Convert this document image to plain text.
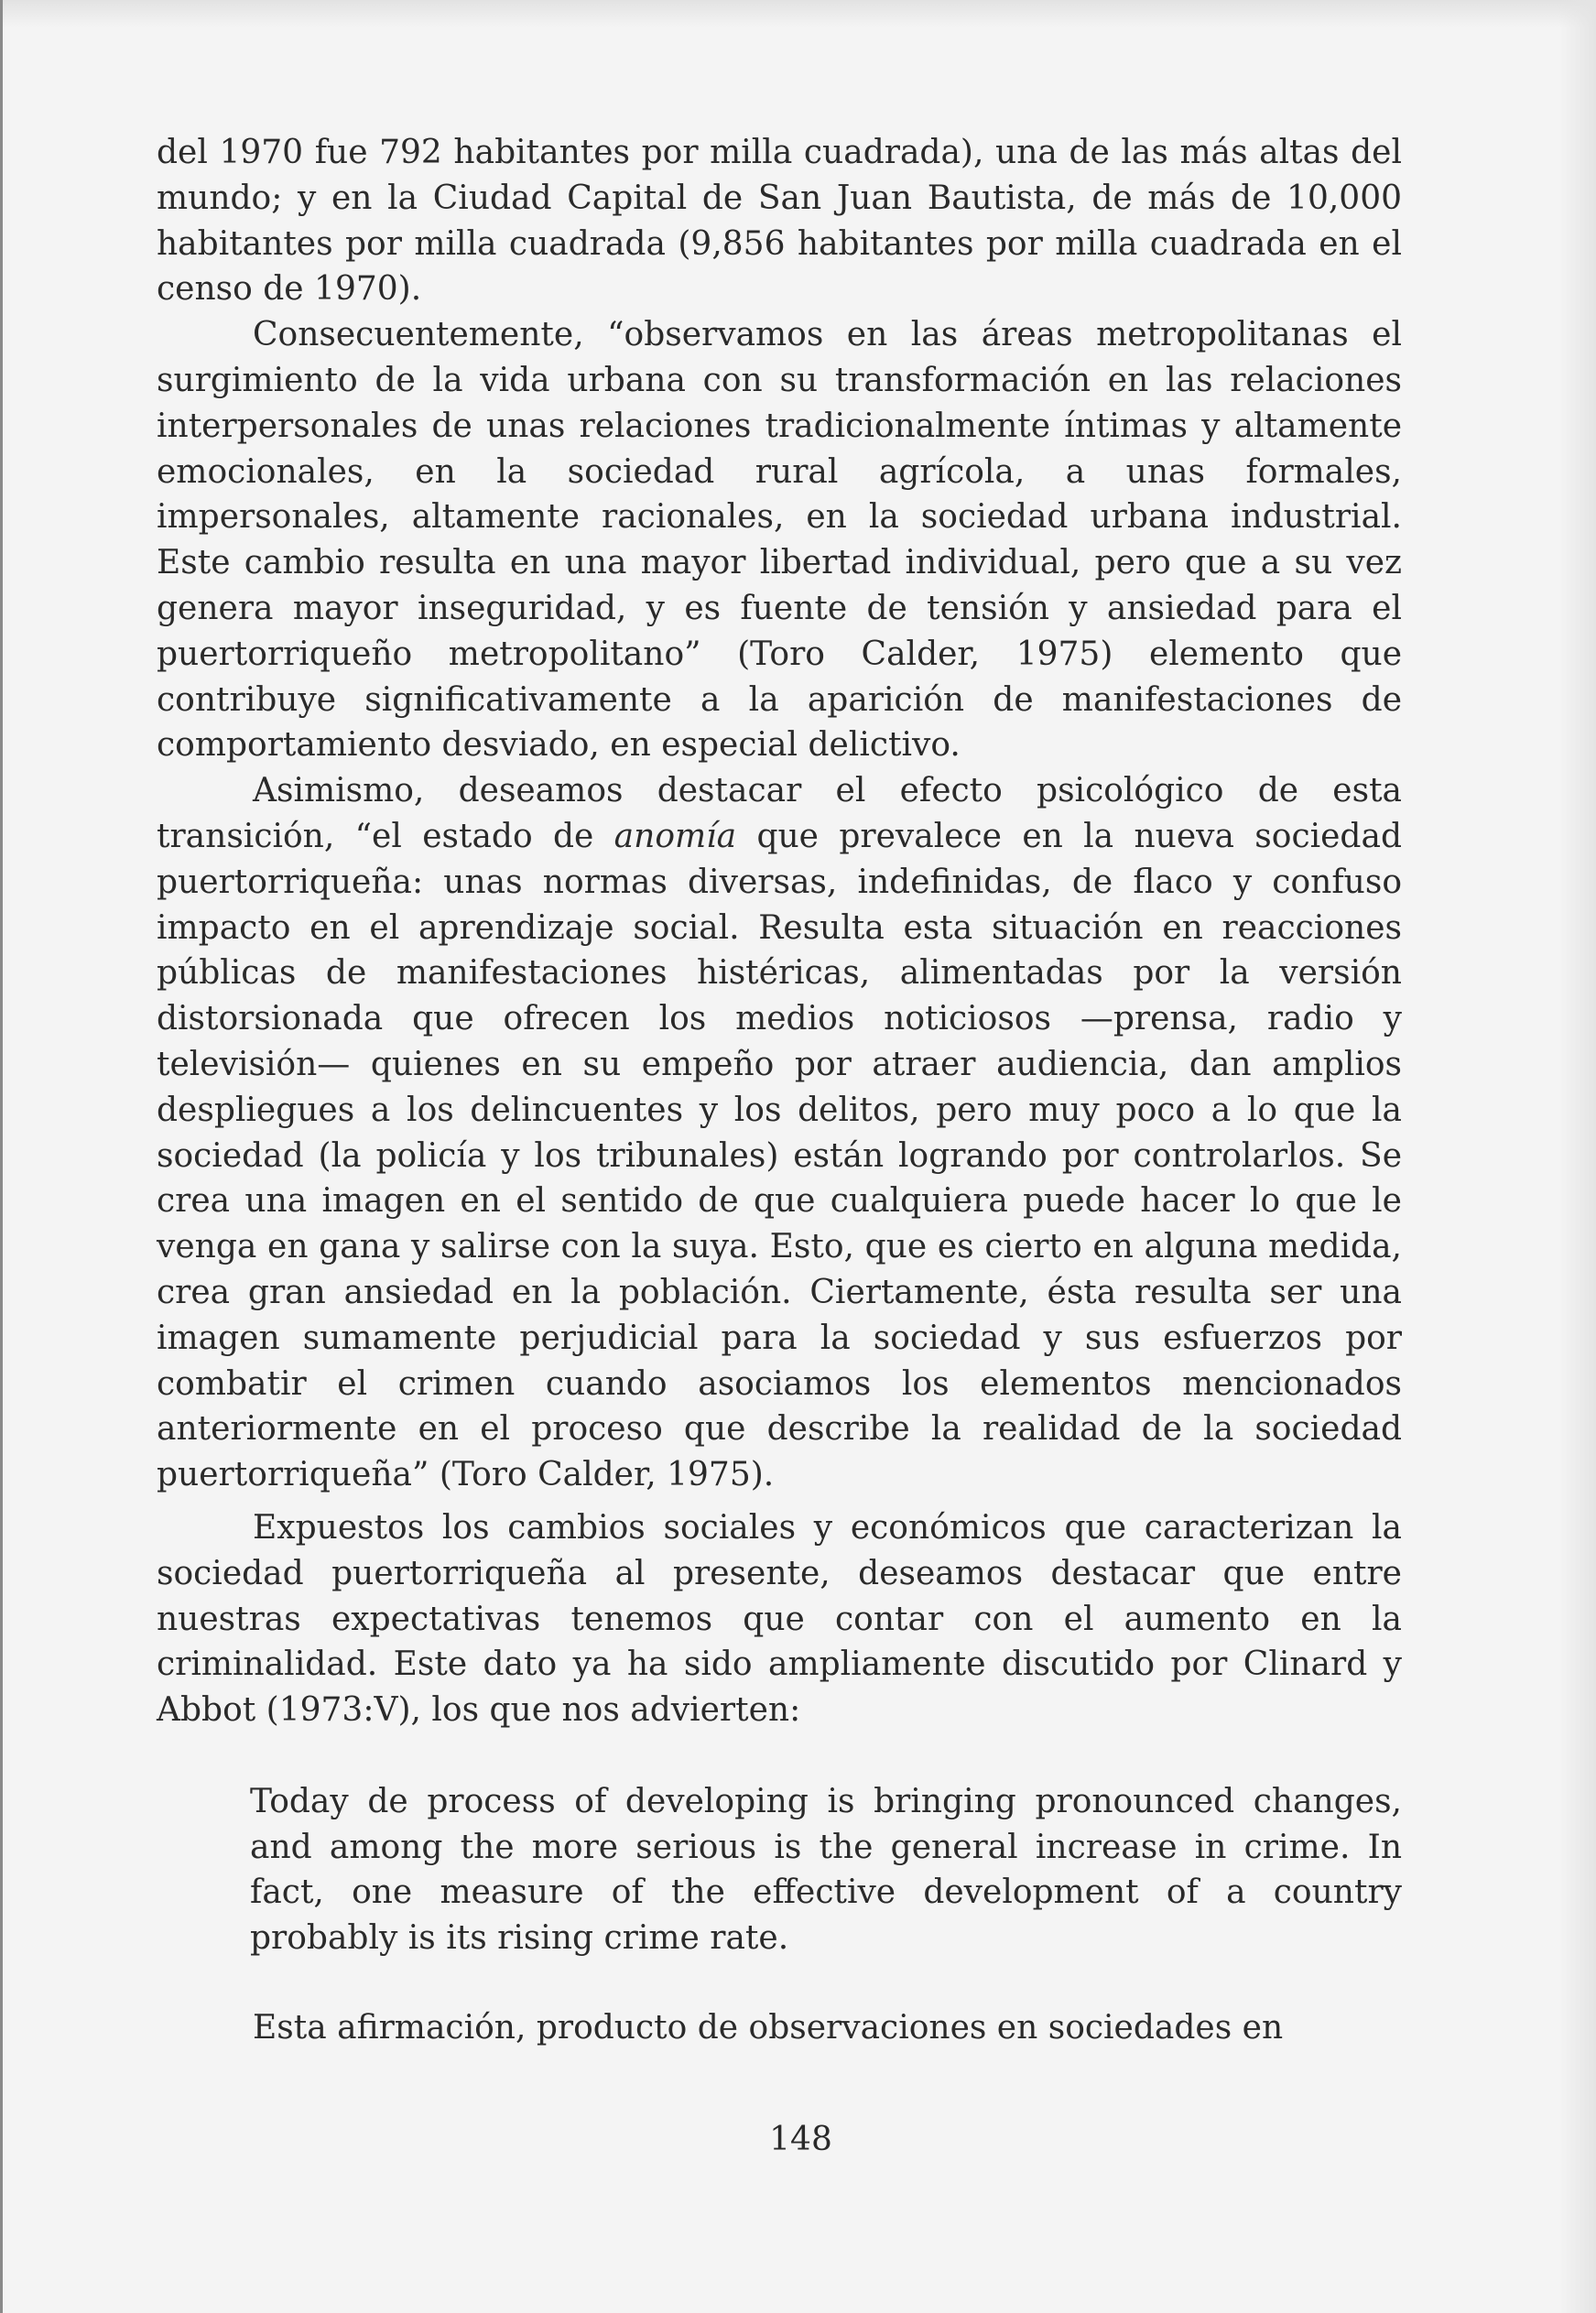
del 1970 fue 792 habitantes por milla cuadrada), una de las más altas del mundo; y en la Ciudad Capital de San Juan Bautista, de más de 10,000 habitantes por milla cuadrada (9,856 habitantes por milla cuadrada en el censo de 1970).

Consecuentemente, “observamos en las áreas metropolitanas el surgimiento de la vida urbana con su transformación en las relaciones interpersonales de unas relaciones tradicionalmente íntimas y altamente emocionales, en la sociedad rural agrícola, a unas formales, impersonales, altamente racionales, en la sociedad urbana industrial. Este cambio resulta en una mayor libertad individual, pero que a su vez genera mayor inseguridad, y es fuente de tensión y ansiedad para el puertorriqueño metropolitano” (Toro Calder, 1975) elemento que contribuye significativamente a la aparición de manifestaciones de comportamiento desviado, en especial delictivo.

Asimismo, deseamos destacar el efecto psicológico de esta transición, “el estado de anomía que prevalece en la nueva sociedad puertorriqueña: unas normas diversas, indefinidas, de flaco y confuso impacto en el aprendizaje social. Resulta esta situación en reacciones públicas de manifestaciones histéricas, alimentadas por la versión distorsionada que ofrecen los medios noticiosos —prensa, radio y televisión— quienes en su empeño por atraer audiencia, dan amplios despliegues a los delincuentes y los delitos, pero muy poco a lo que la sociedad (la policía y los tribunales) están logrando por controlarlos. Se crea una imagen en el sentido de que cualquiera puede hacer lo que le venga en gana y salirse con la suya. Esto, que es cierto en alguna medida, crea gran ansiedad en la población. Ciertamente, ésta resulta ser una imagen sumamente perjudicial para la sociedad y sus esfuerzos por combatir el crimen cuando asociamos los elementos mencionados anteriormente en el proceso que describe la realidad de la sociedad puertorriqueña” (Toro Calder, 1975).

Expuestos los cambios sociales y económicos que caracterizan la sociedad puertorriqueña al presente, deseamos destacar que entre nuestras expectativas tenemos que contar con el aumento en la criminalidad. Este dato ya ha sido ampliamente discutido por Clinard y Abbot (1973:V), los que nos advierten:

Today de process of developing is bringing pronounced changes, and among the more serious is the general increase in crime. In fact, one measure of the effective development of a country probably is its rising crime rate.

Esta afirmación, producto de observaciones en sociedades en

148
